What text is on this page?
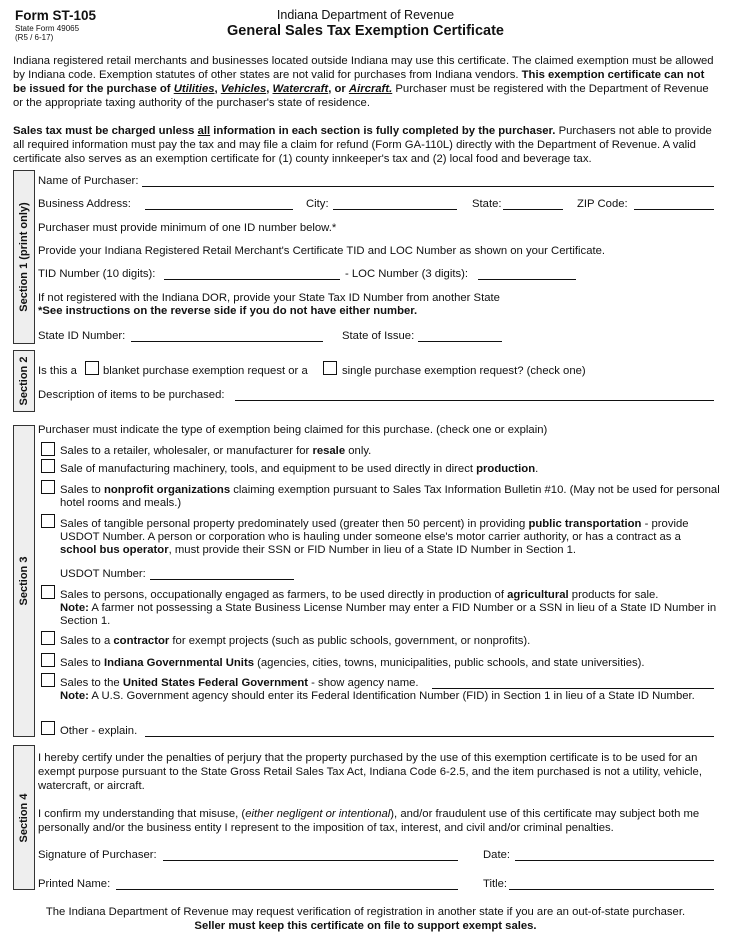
Form ST-105
State Form 49065
(R5 / 6-17)
Indiana Department of Revenue
General Sales Tax Exemption Certificate
Indiana registered retail merchants and businesses located outside Indiana may use this certificate. The claimed exemption must be allowed by Indiana code. Exemption statutes of other states are not valid for purchases from Indiana vendors. This exemption certificate can not be issued for the purchase of Utilities, Vehicles, Watercraft, or Aircraft. Purchaser must be registered with the Department of Revenue or the appropriate taxing authority of the purchaser's state of residence.
Sales tax must be charged unless all information in each section is fully completed by the purchaser. Purchasers not able to provide all required information must pay the tax and may file a claim for refund (Form GA-110L) directly with the Department of Revenue. A valid certificate also serves as an exemption certificate for (1) county innkeeper's tax and (2) local food and beverage tax.
Section 1 (print only)
Name of Purchaser:
Business Address:	City:	State:	ZIP Code:
Purchaser must provide minimum of one ID number below.*
Provide your Indiana Registered Retail Merchant's Certificate TID and LOC Number as shown on your Certificate.
TID Number (10 digits):	- LOC Number (3 digits):
If not registered with the Indiana DOR, provide your State Tax ID Number from another State
*See instructions on the reverse side if you do not have either number.
State ID Number:	State of Issue:
Section 2 Is this a blanket purchase exemption request or a	single purchase exemption request? (check one)
Description of items to be purchased:
Section 3
Purchaser must indicate the type of exemption being claimed for this purchase. (check one or explain)
Sales to a retailer, wholesaler, or manufacturer for resale only.
Sale of manufacturing machinery, tools, and equipment to be used directly in direct production.
Sales to nonprofit organizations claiming exemption pursuant to Sales Tax Information Bulletin #10. (May not be used for personal hotel rooms and meals.)
Sales of tangible personal property predominately used (greater then 50 percent) in providing public transportation - provide USDOT Number. A person or corporation who is hauling under someone else's motor carrier authority, or has a contract as a school bus operator, must provide their SSN or FID Number in lieu of a State ID Number in Section 1.
USDOT Number:
Sales to persons, occupationally engaged as farmers, to be used directly in production of agricultural products for sale.
Note: A farmer not possessing a State Business License Number may enter a FID Number or a SSN in lieu of a State ID Number in Section 1.
Sales to a contractor for exempt projects (such as public schools, government, or nonprofits).
Sales to Indiana Governmental Units (agencies, cities, towns, municipalities, public schools, and state universities).
Sales to the United States Federal Government - show agency name.
Note: A U.S. Government agency should enter its Federal Identification Number (FID) in Section 1 in lieu of a State ID Number.
Other - explain.
Section 4
I hereby certify under the penalties of perjury that the property purchased by the use of this exemption certificate is to be used for an exempt purpose pursuant to the State Gross Retail Sales Tax Act, Indiana Code 6-2.5, and the item purchased is not a utility, vehicle, watercraft, or aircraft.
I confirm my understanding that misuse, (either negligent or intentional), and/or fraudulent use of this certificate may subject both me personally and/or the business entity I represent to the imposition of tax, interest, and civil and/or criminal penalties.
Signature of Purchaser:	Date:
Printed Name:	Title:
The Indiana Department of Revenue may request verification of registration in another state if you are an out-of-state purchaser.
Seller must keep this certificate on file to support exempt sales.
